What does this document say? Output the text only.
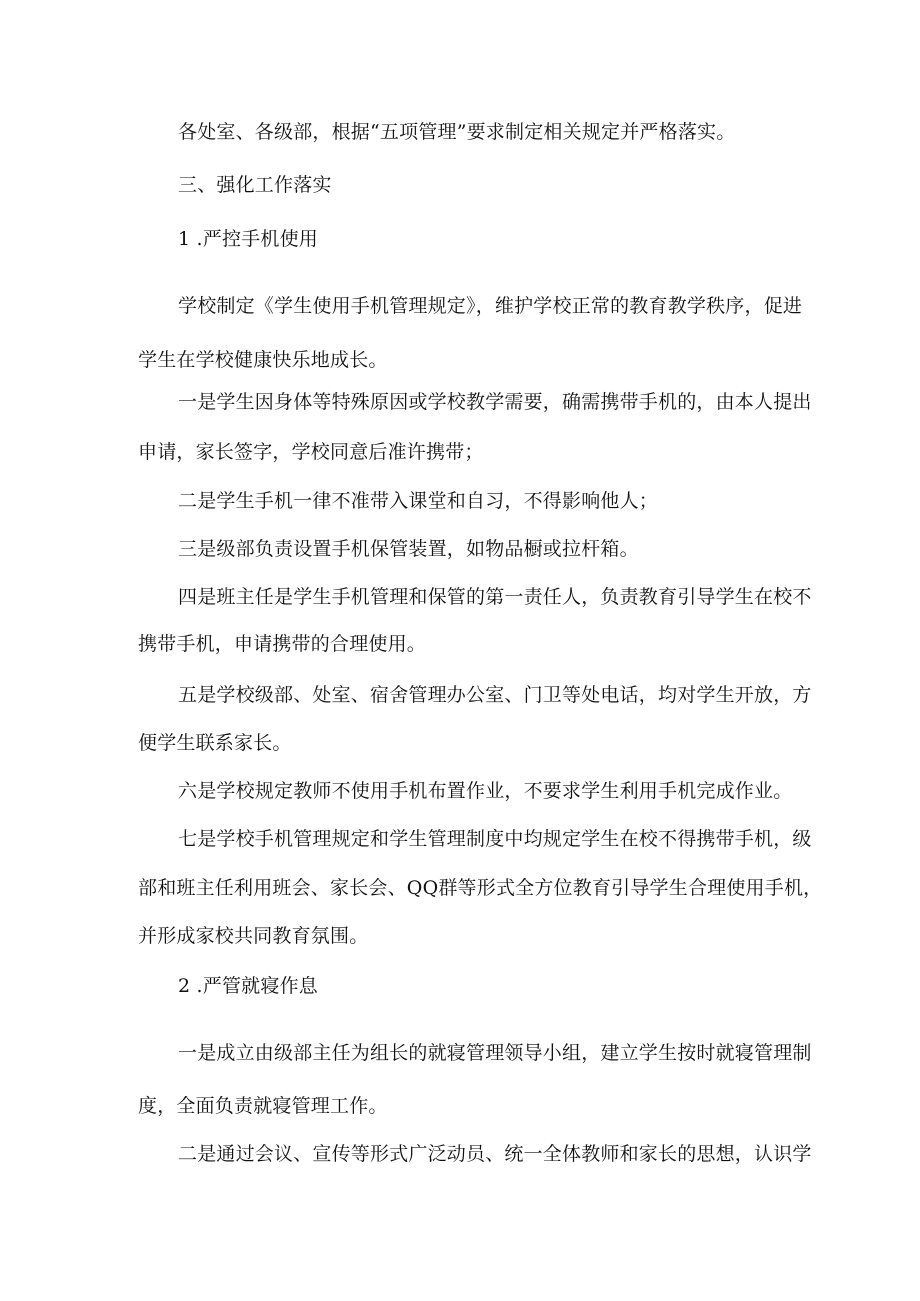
各处室、各级部，根据“五项管理”要求制定相关规定并严格落实。

三、强化工作落实

1 .严控手机使用

学校制定《学生使用手机管理规定》，维护学校正常的教育教学秩序，促进

学生在学校健康快乐地成长。

一是学生因身体等特殊原因或学校教学需要，确需携带手机的，由本人提出

申请，家长签字，学校同意后准许携带；

二是学生手机一律不准带入课堂和自习，不得影响他人；

三是级部负责设置手机保管装置，如物品橱或拉杆箱。

四是班主任是学生手机管理和保管的第一责任人，负责教育引导学生在校不

携带手机，申请携带的合理使用。

五是学校级部、处室、宿舍管理办公室、门卫等处电话，均对学生开放，方

便学生联系家长。

六是学校规定教师不使用手机布置作业，不要求学生利用手机完成作业。

七是学校手机管理规定和学生管理制度中均规定学生在校不得携带手机，级

部和班主任利用班会、家长会、QQ群等形式全方位教育引导学生合理使用手机，

并形成家校共同教育氛围。

2 .严管就寝作息

一是成立由级部主任为组长的就寝管理领导小组，建立学生按时就寝管理制

度，全面负责就寝管理工作。

二是通过会议、宣传等形式广泛动员、统一全体教师和家长的思想，认识学
